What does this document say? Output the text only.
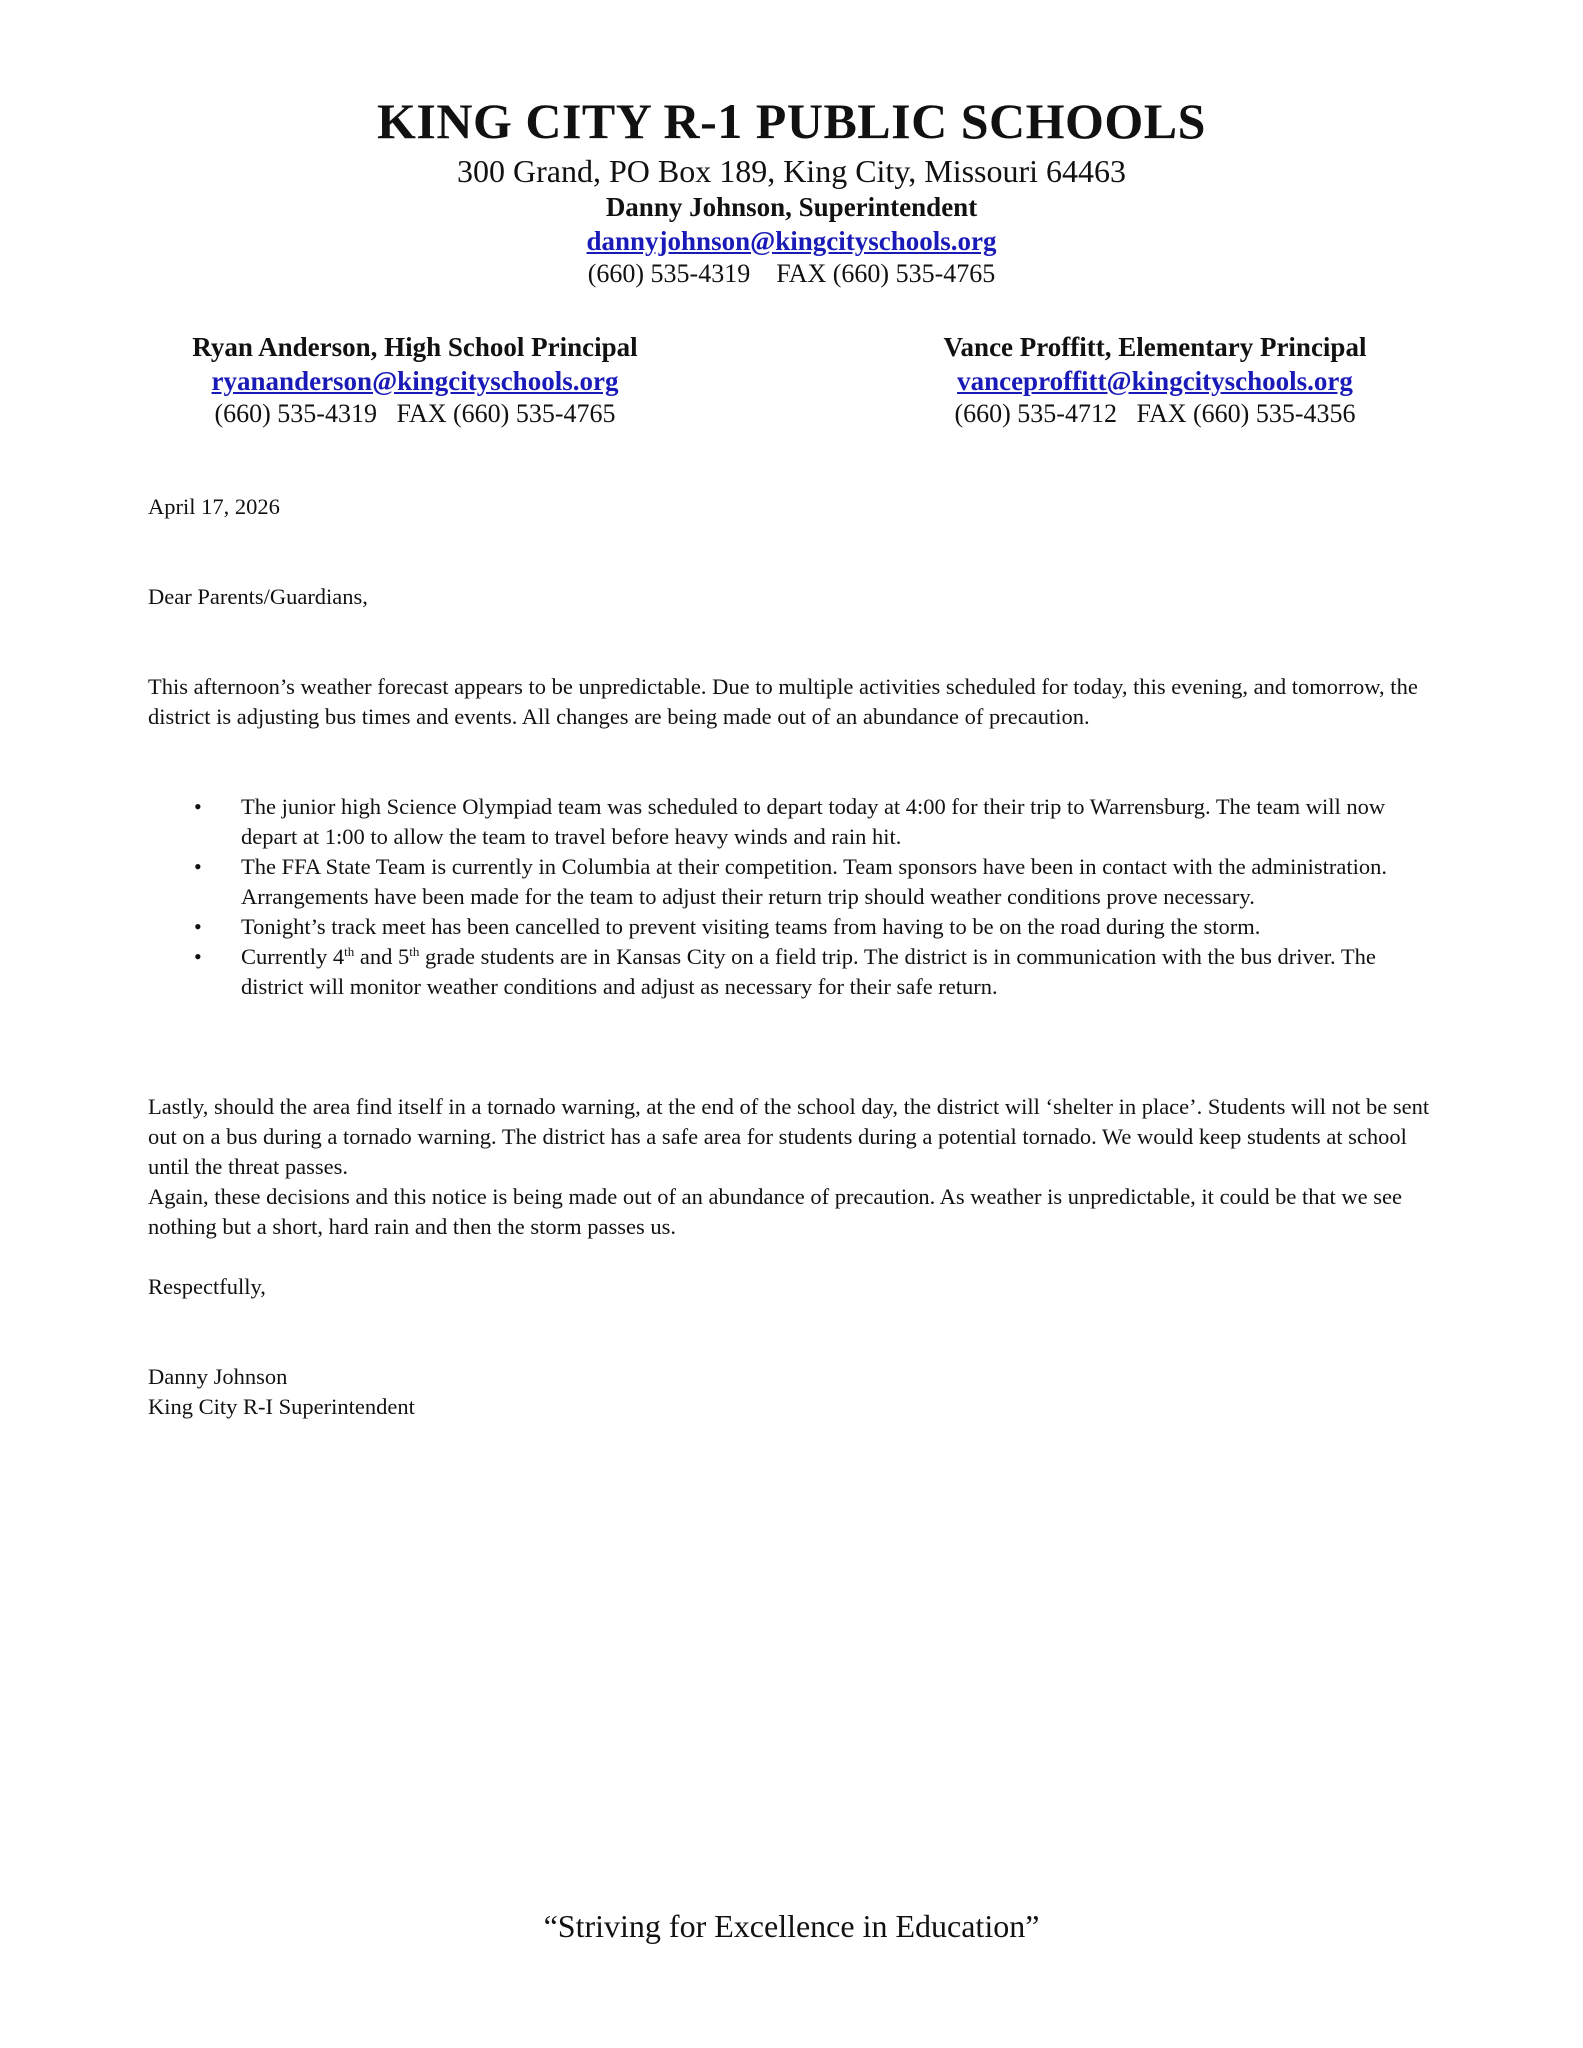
KING CITY R-1 PUBLIC SCHOOLS
300 Grand, PO Box 189, King City, Missouri 64463
Danny Johnson, Superintendent
dannyjohnson@kingcityschools.org
(660) 535-4319    FAX (660) 535-4765
Ryan Anderson, High School Principal
ryananderson@kingcityschools.org
(660) 535-4319   FAX (660) 535-4765
Vance Proffitt, Elementary Principal
vanceproffitt@kingcityschools.org
(660) 535-4712   FAX (660) 535-4356
April 17, 2026
Dear Parents/Guardians,
This afternoon’s weather forecast appears to be unpredictable. Due to multiple activities scheduled for today, this evening, and tomorrow, the district is adjusting bus times and events. All changes are being made out of an abundance of precaution.
• The junior high Science Olympiad team was scheduled to depart today at 4:00 for their trip to Warrensburg. The team will now depart at 1:00 to allow the team to travel before heavy winds and rain hit.
• The FFA State Team is currently in Columbia at their competition. Team sponsors have been in contact with the administration. Arrangements have been made for the team to adjust their return trip should weather conditions prove necessary.
• Tonight’s track meet has been cancelled to prevent visiting teams from having to be on the road during the storm.
• Currently 4th and 5th grade students are in Kansas City on a field trip. The district is in communication with the bus driver. The district will monitor weather conditions and adjust as necessary for their safe return.
Lastly, should the area find itself in a tornado warning, at the end of the school day, the district will ‘shelter in place’. Students will not be sent out on a bus during a tornado warning. The district has a safe area for students during a potential tornado. We would keep students at school until the threat passes.
Again, these decisions and this notice is being made out of an abundance of precaution. As weather is unpredictable, it could be that we see nothing but a short, hard rain and then the storm passes us.
Respectfully,
Danny Johnson
King City R-I Superintendent
“Striving for Excellence in Education”
